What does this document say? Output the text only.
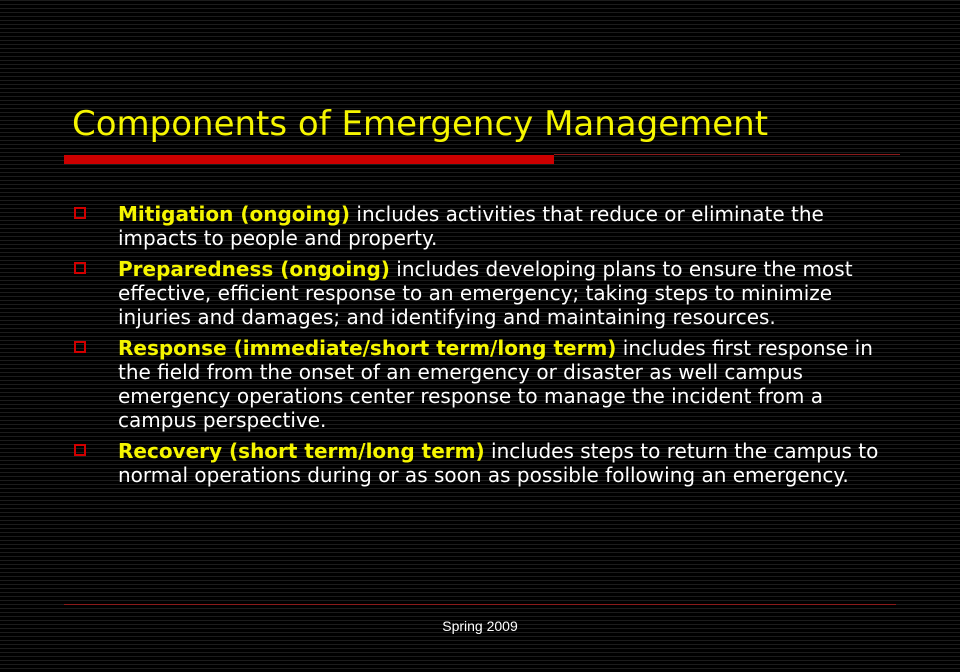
Components of Emergency Management
Mitigation (ongoing) includes activities that reduce or eliminate the impacts to people and property.
Preparedness (ongoing) includes developing plans to ensure the most effective, efficient response to an emergency; taking steps to minimize injuries and damages; and identifying and maintaining resources.
Response (immediate/short term/long term) includes first response in the field from the onset of an emergency or disaster as well campus emergency operations center response to manage the incident from a campus perspective.
Recovery (short term/long term) includes steps to return the campus to normal operations during or as soon as possible following an emergency.
Spring 2009
